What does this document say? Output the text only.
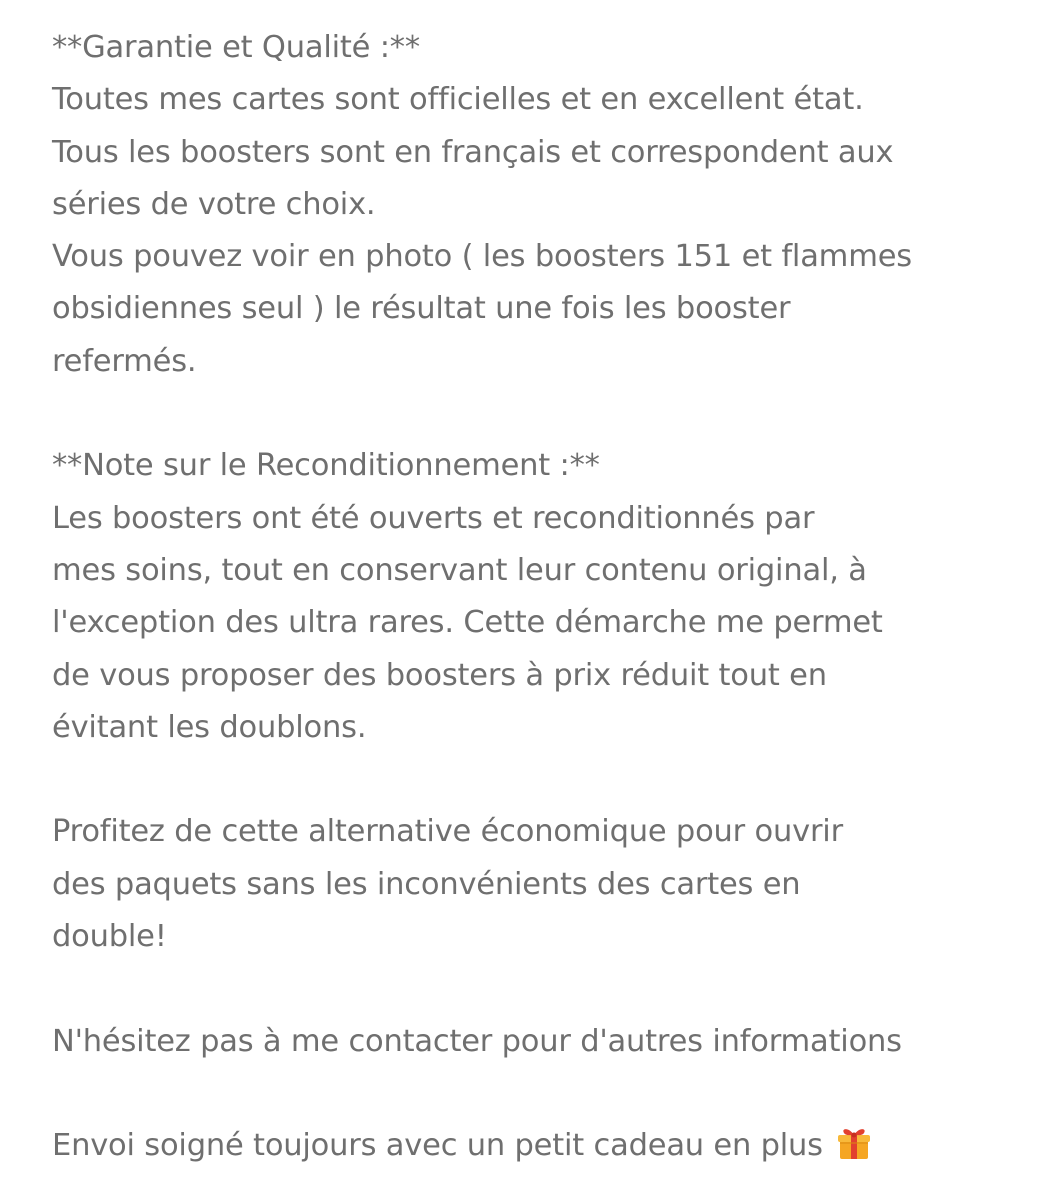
**Garantie et Qualité :**
Toutes mes cartes sont officielles et en excellent état.
Tous les boosters sont en français et correspondent aux
séries de votre choix.
Vous pouvez voir en photo ( les boosters 151 et flammes
obsidiennes seul ) le résultat une fois les booster
refermés.
**Note sur le Reconditionnement :**
Les boosters ont été ouverts et reconditionnés par
mes soins, tout en conservant leur contenu original, à
l'exception des ultra rares. Cette démarche me permet
de vous proposer des boosters à prix réduit tout en
évitant les doublons.
Profitez de cette alternative économique pour ouvrir
des paquets sans les inconvénients des cartes en
double!
N'hésitez pas à me contacter pour d'autres informations
Envoi soigné toujours avec un petit cadeau en plus
